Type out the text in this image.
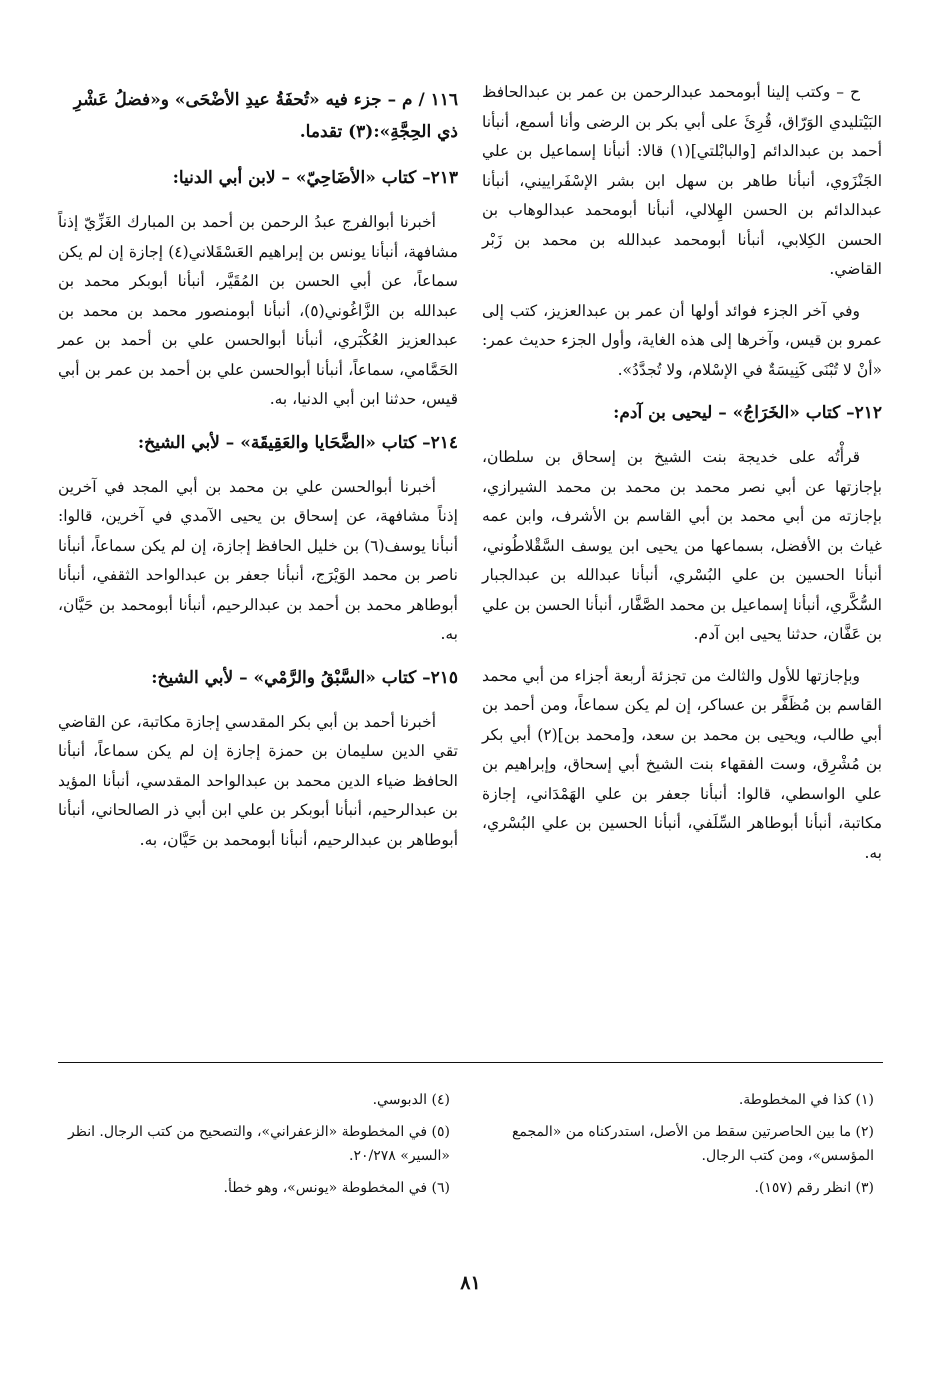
ح – وكتب إلينا أبومحمد عبدالرحمن بن عمر بن عبدالحافظ البَيْتليدي الوَرّاق، قُرِئَ على أبي بكر بن الرضى وأنا أسمع، أنبأنا أحمد بن عبدالدائم [والبابْلتي](١) قالا: أنبأنا إسماعيل بن علي الجَنْزَوي، أنبأنا طاهر بن سهل ابن بشر الإسْفَراييني، أنبأنا عبدالدائم بن الحسن الهِلالي، أنبأنا أبومحمد عبدالوهاب بن الحسن الكِلابي، أنبأنا أبومحمد عبدالله بن محمد بن زَبْر القاضي.

وفي آخر الجزء فوائد أولها أن عمر بن عبدالعزيز، كتب إلى عمرو بن قيس، وآخرها إلى هذه الغاية، وأول الجزء حديث عمر: «أنْ لا تُبْنَى كَنِيسَةٌ في الإسْلام، ولا تُجدَّدُ».

٢١٢– كتاب «الخَرَاجُ» – ليحيى بن آدم:

قرأْتُه على خديجة بنت الشيخ بن إسحاق بن سلطان، بإجازتها عن أبي نصر محمد بن محمد بن محمد الشيرازي، بإجازته من أبي محمد بن أبي القاسم بن الأشرف، وابن عمه غياث بن الأفضل، بسماعها من يحيى ابن يوسف السَّقْلاطُوني، أنبأنا الحسين بن علي البُسْري، أنبأنا عبدالله بن عبدالجبار السُّكَّري، أنبأنا إسماعيل بن محمد الصَّفَّار، أنبأنا الحسن بن علي بن عَفَّان، حدثنا يحيى ابن آدم.

وبإجازتها للأول والثالث من تجزئة أربعة أجزاء من أبي محمد القاسم بن مُظَفَّر بن عساكر، إن لم يكن سماعاً، ومن أحمد بن أبي طالب، ويحيى بن محمد بن سعد، و[محمد بن](٢) أبي بكر بن مُشْرِق، وست الفقهاء بنت الشيخ أبي إسحاق، وإبراهيم بن علي الواسطي، قالوا: أنبأنا جعفر بن علي الهَمْدَاني، إجازة مكاتبة، أنبأنا أبوطاهر السِّلَفي، أنبأنا الحسين بن علي البُسْري، به.

١١٦ / م – جزء فيه «تُحفَةُ عيدِ الأضْحَى» و«فضلُ عَشْرِ ذي الحِجَّةِ»:(٣) تقدما.

٢١٣– كتاب «الأضَاحِيّ» – لابن أبي الدنيا:

أخبرنا أبوالفرج عبدُ الرحمن بن أحمد بن المبارك الغَزِّيّ إذناً مشافهة، أنبأنا يونس بن إبراهيم العَسْقَلاني(٤) إجازة إن لم يكن سماعاً، عن أبي الحسن بن المُقَيَّر، أنبأنا أبوبكر محمد بن عبدالله بن الزَّاغُوني(٥)، أنبأنا أبومنصور محمد بن محمد بن عبدالعزيز العُكْبَري، أنبأنا أبوالحسن علي بن أحمد بن عمر الحَمَّامي، سماعاً، أنبأنا أبوالحسن علي بن أحمد بن عمر بن أبي قيس، حدثنا ابن أبي الدنيا، به.

٢١٤– كتاب «الضَّحَايا والعَقِيقَة» – لأبي الشيخ:

أخبرنا أبوالحسن علي بن محمد بن أبي المجد في آخرين إذناً مشافهة، عن إسحاق بن يحيى الآمدي في آخرين، قالوا: أنبأنا يوسف(٦) بن خليل الحافظ إجازة، إن لم يكن سماعاً، أنبأنا ناصر بن محمد الوَيْرَج، أنبأنا جعفر بن عبدالواحد الثقفي، أنبأنا أبوطاهر محمد بن أحمد بن عبدالرحيم، أنبأنا أبومحمد بن حَيَّان، به.

٢١٥– كتاب «السَّبْقُ والرَّمْي» – لأبي الشيخ:

أخبرنا أحمد بن أبي بكر المقدسي إجازة مكاتبة، عن القاضي تقي الدين سليمان بن حمزة إجازة إن لم يكن سماعاً، أنبأنا الحافظ ضياء الدين محمد بن عبدالواحد المقدسي، أنبأنا المؤيد بن عبدالرحيم، أنبأنا أبوبكر بن علي ابن أبي ذر الصالحاني، أنبأنا أبوطاهر بن عبدالرحيم، أنبأنا أبومحمد بن حَيَّان، به.

(١) كذا في المخطوطة.

(٢) ما بين الحاصرتين سقط من الأصل، استدركناه من «المجمع المؤسس»، ومن كتب الرجال.

(٣) انظر رقم (١٥٧).

(٤) الدبوسي.

(٥) في المخطوطة «الزعفراني»، والتصحيح من كتب الرجال. انظر «السير» ٢٠/٢٧٨.

(٦) في المخطوطة «يونس»، وهو خطأ.

٨١
